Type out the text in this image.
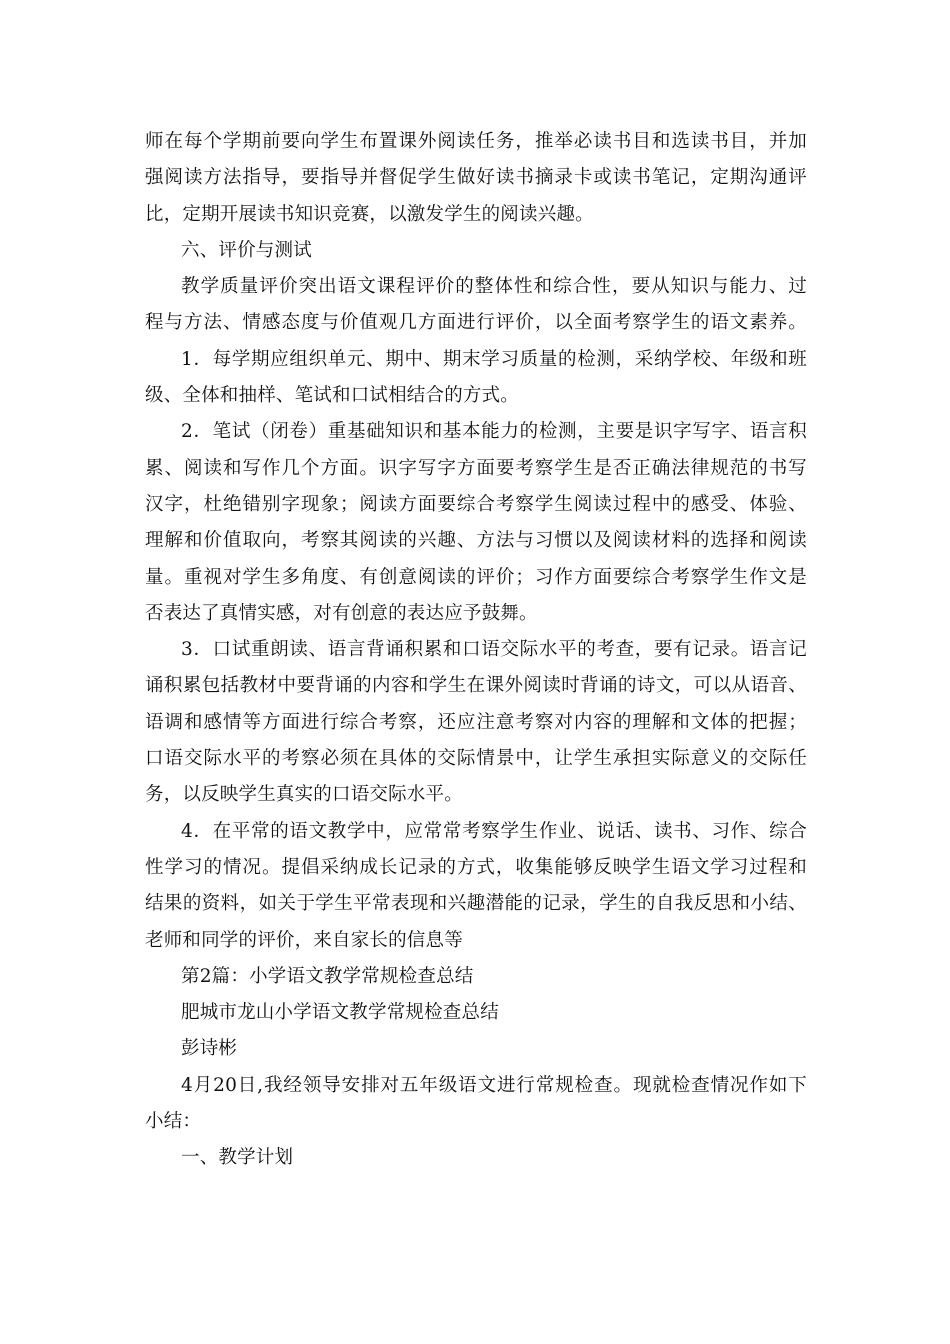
师在每个学期前要向学生布置课外阅读任务，推举必读书目和选读书目，并加
强阅读方法指导，要指导并督促学生做好读书摘录卡或读书笔记，定期沟通评
比，定期开展读书知识竞赛，以激发学生的阅读兴趣。
六、评价与测试
教学质量评价突出语文课程评价的整体性和综合性，要从知识与能力、过
程与方法、情感态度与价值观几方面进行评价，以全面考察学生的语文素养。
1．每学期应组织单元、期中、期末学习质量的检测，采纳学校、年级和班
级、全体和抽样、笔试和口试相结合的方式。
2．笔试（闭卷）重基础知识和基本能力的检测，主要是识字写字、语言积
累、阅读和写作几个方面。识字写字方面要考察学生是否正确法律规范的书写
汉字，杜绝错别字现象；阅读方面要综合考察学生阅读过程中的感受、体验、
理解和价值取向，考察其阅读的兴趣、方法与习惯以及阅读材料的选择和阅读
量。重视对学生多角度、有创意阅读的评价；习作方面要综合考察学生作文是
否表达了真情实感，对有创意的表达应予鼓舞。
3．口试重朗读、语言背诵积累和口语交际水平的考查，要有记录。语言记
诵积累包括教材中要背诵的内容和学生在课外阅读时背诵的诗文，可以从语音、
语调和感情等方面进行综合考察，还应注意考察对内容的理解和文体的把握；
口语交际水平的考察必须在具体的交际情景中，让学生承担实际意义的交际任
务，以反映学生真实的口语交际水平。
4．在平常的语文教学中，应常常考察学生作业、说话、读书、习作、综合
性学习的情况。提倡采纳成长记录的方式，收集能够反映学生语文学习过程和
结果的资料，如关于学生平常表现和兴趣潜能的记录，学生的自我反思和小结、
老师和同学的评价，来自家长的信息等
第2篇：小学语文教学常规检查总结
肥城市龙山小学语文教学常规检查总结
彭诗彬
4月20日,我经领导安排对五年级语文进行常规检查。现就检查情况作如下
小结：
一、教学计划
